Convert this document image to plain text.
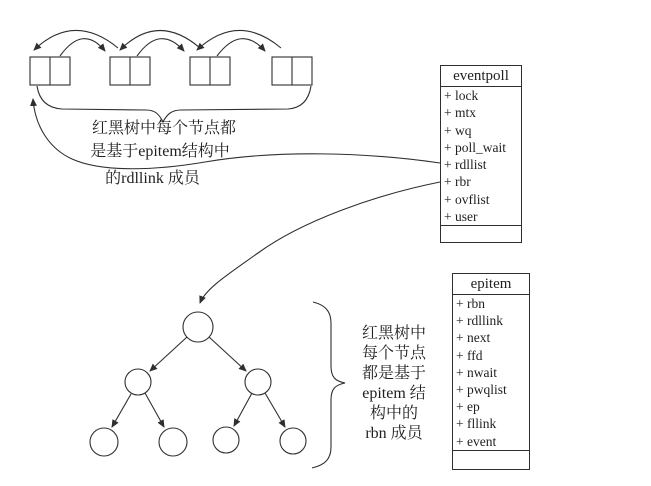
eventpoll
+ lock
+ mtx
+ wq
+ poll_wait
+ rdllist
+ rbr
+ ovflist
+ user
epitem
+ rbn
+ rdllink
+ next
+ ffd
+ nwait
+ pwqlist
+ ep
+ fllink
+ event
红黑树中每个节点都
是基于epitem结构中
的rdllink 成员
红黑树中
每个节点
都是基于
epitem 结
构中的
rbn 成员
